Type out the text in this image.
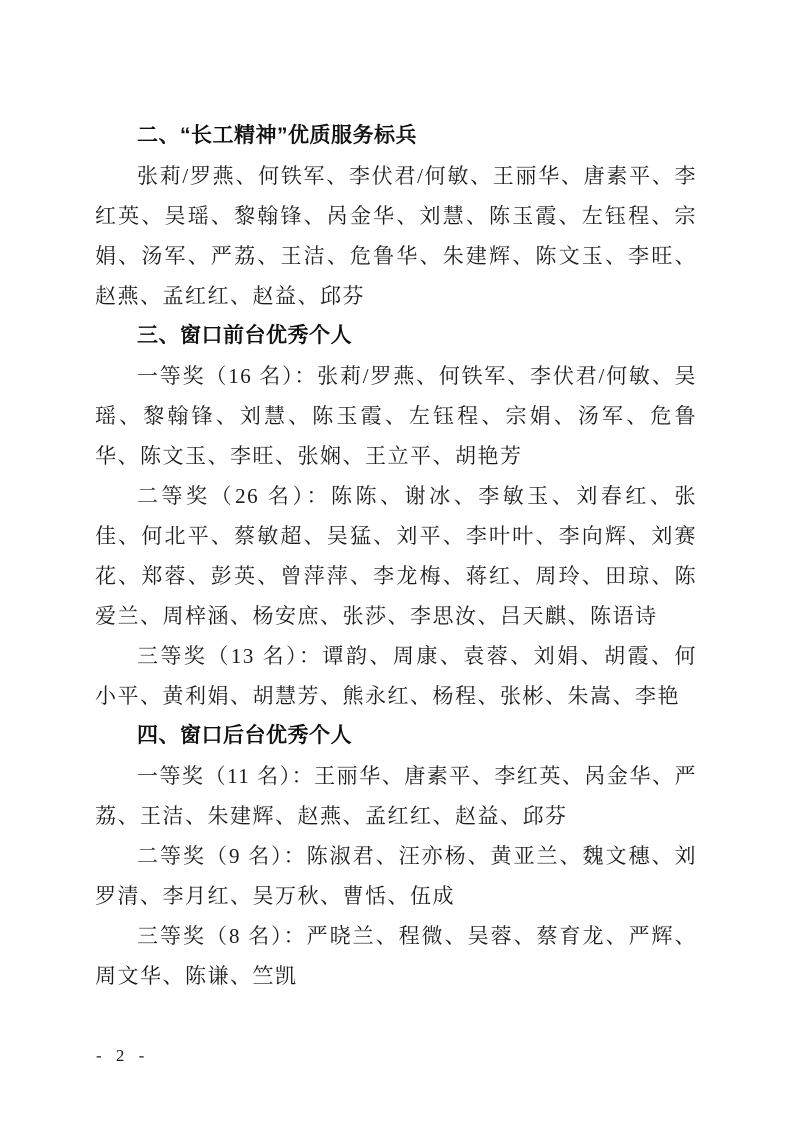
二、“长工精神”优质服务标兵
张莉/罗燕、何铁军、李伏君/何敏、王丽华、唐素平、李红英、吴瑶、黎翰锋、呙金华、刘慧、陈玉霞、左钰程、宗娟、汤军、严荔、王洁、危鲁华、朱建辉、陈文玉、李旺、赵燕、孟红红、赵益、邱芬
三、窗口前台优秀个人
一等奖（16 名）：张莉/罗燕、何铁军、李伏君/何敏、吴瑶、黎翰锋、刘慧、陈玉霞、左钰程、宗娟、汤军、危鲁华、陈文玉、李旺、张娴、王立平、胡艳芳
二等奖（26 名）：陈陈、谢冰、李敏玉、刘春红、张佳、何北平、蔡敏超、吴猛、刘平、李叶叶、李向辉、刘赛花、郑蓉、彭英、曾萍萍、李龙梅、蒋红、周玲、田琼、陈爱兰、周梓涵、杨安庶、张莎、李思汝、吕天麒、陈语诗
三等奖（13 名）：谭韵、周康、袁蓉、刘娟、胡霞、何小平、黄利娟、胡慧芳、熊永红、杨程、张彬、朱嵩、李艳
四、窗口后台优秀个人
一等奖（11 名）：王丽华、唐素平、李红英、呙金华、严荔、王洁、朱建辉、赵燕、孟红红、赵益、邱芬
二等奖（9 名）：陈淑君、汪亦杨、黄亚兰、魏文穗、刘罗清、李月红、吴万秋、曹恬、伍成
三等奖（8 名）：严晓兰、程微、吴蓉、蔡育龙、严辉、周文华、陈谦、竺凯
- 2 -
